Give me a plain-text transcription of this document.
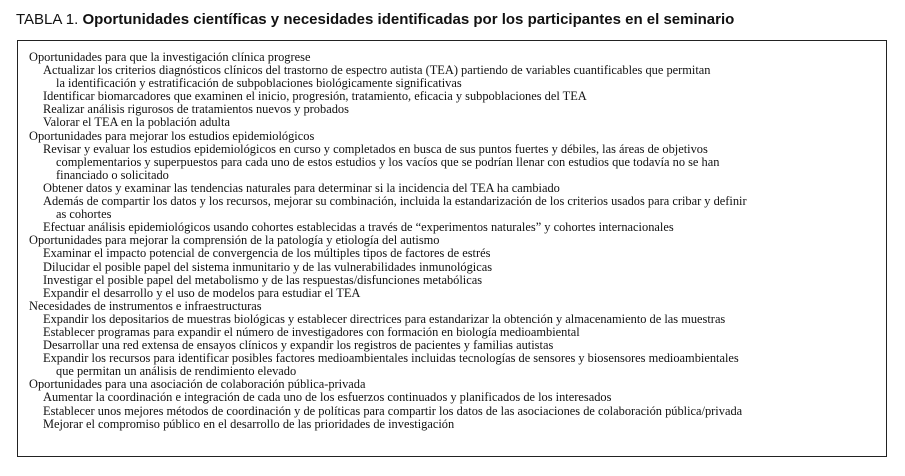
TABLA 1. Oportunidades científicas y necesidades identificadas por los participantes en el seminario
Oportunidades para que la investigación clínica progrese
Actualizar los criterios diagnósticos clínicos del trastorno de espectro autista (TEA) partiendo de variables cuantificables que permitan
la identificación y estratificación de subpoblaciones biológicamente significativas
Identificar biomarcadores que examinen el inicio, progresión, tratamiento, eficacia y subpoblaciones del TEA
Realizar análisis rigurosos de tratamientos nuevos y probados
Valorar el TEA en la población adulta
Oportunidades para mejorar los estudios epidemiológicos
Revisar y evaluar los estudios epidemiológicos en curso y completados en busca de sus puntos fuertes y débiles, las áreas de objetivos
complementarios y superpuestos para cada uno de estos estudios y los vacíos que se podrían llenar con estudios que todavía no se han
financiado o solicitado
Obtener datos y examinar las tendencias naturales para determinar si la incidencia del TEA ha cambiado
Además de compartir los datos y los recursos, mejorar su combinación, incluida la estandarización de los criterios usados para cribar y definir
as cohortes
Efectuar análisis epidemiológicos usando cohortes establecidas a través de “experimentos naturales” y cohortes internacionales
Oportunidades para mejorar la comprensión de la patología y etiología del autismo
Examinar el impacto potencial de convergencia de los múltiples tipos de factores de estrés
Dilucidar el posible papel del sistema inmunitario y de las vulnerabilidades inmunológicas
Investigar el posible papel del metabolismo y de las respuestas/disfunciones metabólicas
Expandir el desarrollo y el uso de modelos para estudiar el TEA
Necesidades de instrumentos e infraestructuras
Expandir los depositarios de muestras biológicas y establecer directrices para estandarizar la obtención y almacenamiento de las muestras
Establecer programas para expandir el número de investigadores con formación en biología medioambiental
Desarrollar una red extensa de ensayos clínicos y expandir los registros de pacientes y familias autistas
Expandir los recursos para identificar posibles factores medioambientales incluidas tecnologías de sensores y biosensores medioambientales
que permitan un análisis de rendimiento elevado
Oportunidades para una asociación de colaboración pública-privada
Aumentar la coordinación e integración de cada uno de los esfuerzos continuados y planificados de los interesados
Establecer unos mejores métodos de coordinación y de políticas para compartir los datos de las asociaciones de colaboración pública/privada
Mejorar el compromiso público en el desarrollo de las prioridades de investigación
